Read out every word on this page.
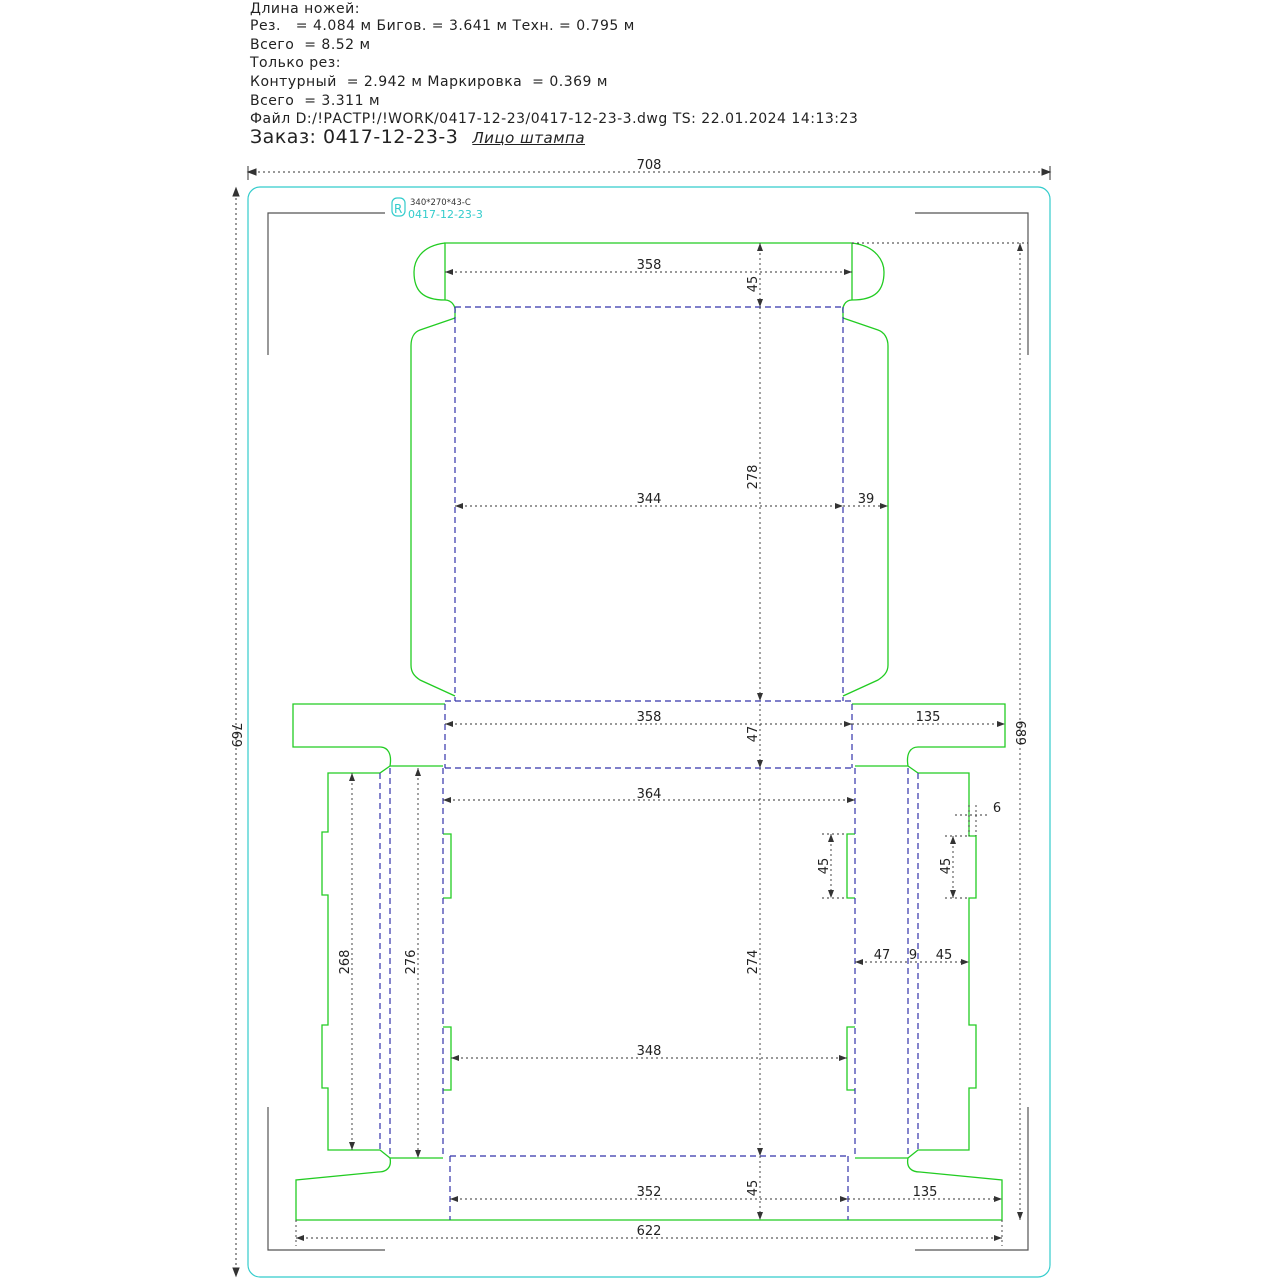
Длина ножей:
Рез.   = 4.084 м Бигов. = 3.641 м Техн. = 0.795 м
Всего  = 8.52 м
Только рез:
Контурный  = 2.942 м Маркировка  = 0.369 м
Всего  = 3.311 м
Файл D:/!РАСТР!/!WORK/0417-12-23/0417-12-23-3.dwg TS: 22.01.2024 14:13:23
Заказ: 0417-12-23-3 Лицо штампа
708
769
R 340*270*43-C
0417-12-23-3
358
45
344
278
39
358
47
135
689
364
274
348
268	276
45	45
6
47 9 45
352	45	135
622
